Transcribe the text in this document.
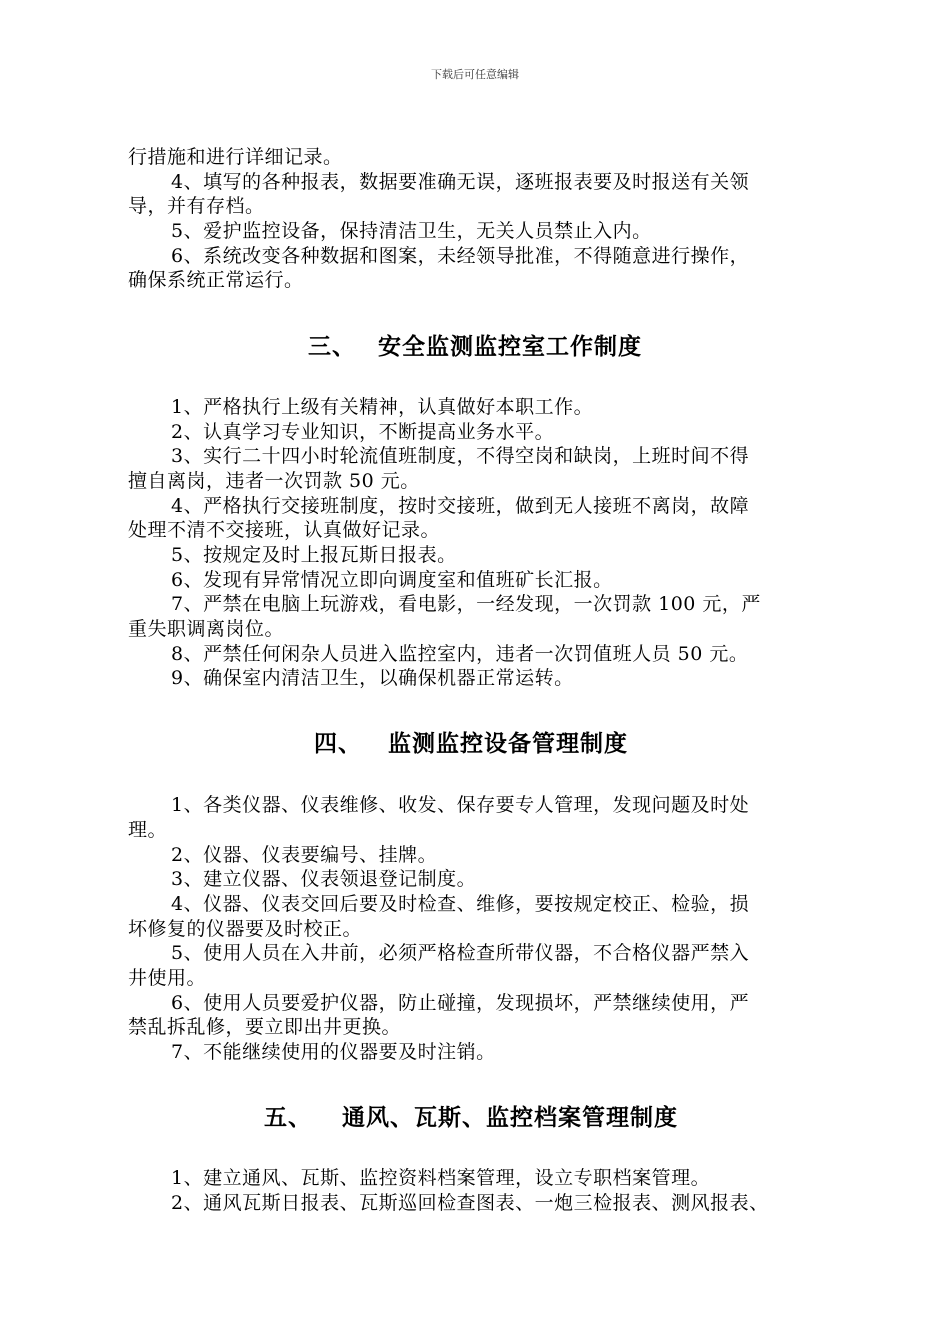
下载后可任意编辑
行措施和进行详细记录。
4、填写的各种报表，数据要准确无误，逐班报表要及时报送有关领
导，并有存档。
5、爱护监控设备，保持清洁卫生，无关人员禁止入内。
6、系统改变各种数据和图案，未经领导批准，不得随意进行操作，
确保系统正常运行。
三、 安全监测监控室工作制度
1、严格执行上级有关精神，认真做好本职工作。
2、认真学习专业知识，不断提高业务水平。
3、实行二十四小时轮流值班制度，不得空岗和缺岗，上班时间不得
擅自离岗，违者一次罚款 50 元。
4、严格执行交接班制度，按时交接班，做到无人接班不离岗，故障
处理不清不交接班，认真做好记录。
5、按规定及时上报瓦斯日报表。
6、发现有异常情况立即向调度室和值班矿长汇报。
7、严禁在电脑上玩游戏，看电影，一经发现，一次罚款 100 元，严
重失职调离岗位。
8、严禁任何闲杂人员进入监控室内，违者一次罚值班人员 50 元。
9、确保室内清洁卫生，以确保机器正常运转。
四、 监测监控设备管理制度
1、各类仪器、仪表维修、收发、保存要专人管理，发现问题及时处
理。
2、仪器、仪表要编号、挂牌。
3、建立仪器、仪表领退登记制度。
4、仪器、仪表交回后要及时检查、维修，要按规定校正、检验，损
坏修复的仪器要及时校正。
5、使用人员在入井前，必须严格检查所带仪器，不合格仪器严禁入
井使用。
6、使用人员要爱护仪器，防止碰撞，发现损坏，严禁继续使用，严
禁乱拆乱修，要立即出井更换。
7、不能继续使用的仪器要及时注销。
五、 通风、瓦斯、监控档案管理制度
1、建立通风、瓦斯、监控资料档案管理，设立专职档案管理。
2、通风瓦斯日报表、瓦斯巡回检查图表、一炮三检报表、测风报表、
